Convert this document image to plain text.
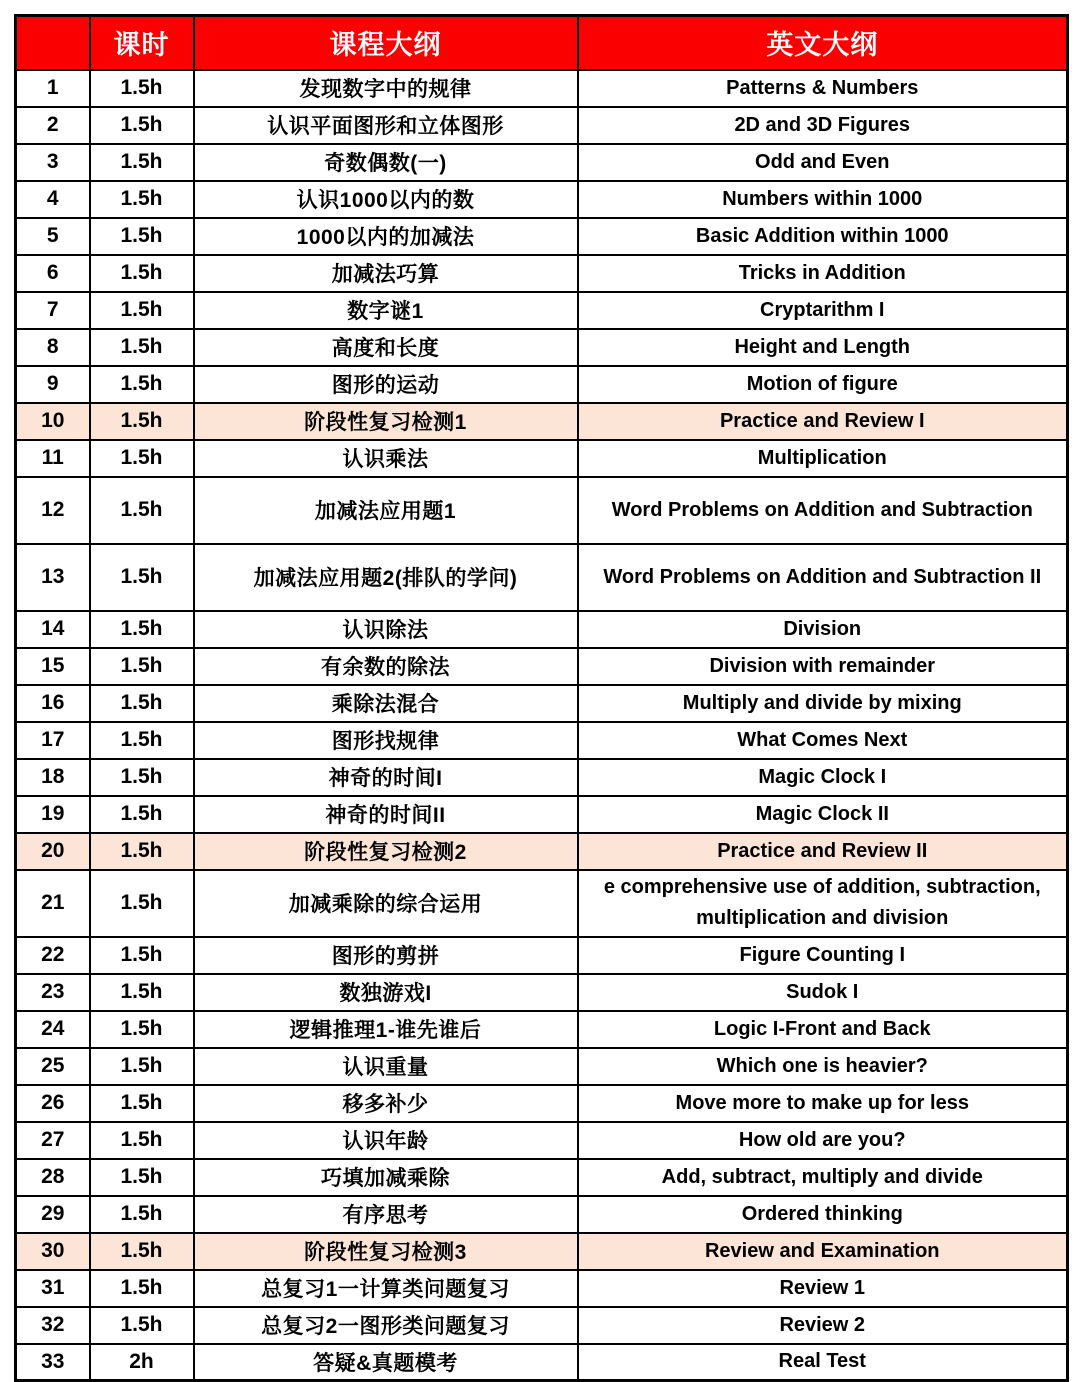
	课时	课程大纲	英文大纲
1	1.5h	发现数字中的规律	Patterns & Numbers
2	1.5h	认识平面图形和立体图形	2D and 3D Figures
3	1.5h	奇数偶数(一)	Odd and Even
4	1.5h	认识1000以内的数	Numbers within 1000
5	1.5h	1000以内的加减法	Basic Addition within 1000
6	1.5h	加减法巧算	Tricks in Addition
7	1.5h	数字谜1	Cryptarithm I
8	1.5h	高度和长度	Height and Length
9	1.5h	图形的运动	Motion of figure
10	1.5h	阶段性复习检测1	Practice and Review I
11	1.5h	认识乘法	Multiplication
12	1.5h	加减法应用题1	Word Problems on Addition and Subtraction
13	1.5h	加减法应用题2(排队的学问)	Word Problems on Addition and Subtraction II
14	1.5h	认识除法	Division
15	1.5h	有余数的除法	Division with remainder
16	1.5h	乘除法混合	Multiply and divide by mixing
17	1.5h	图形找规律	What Comes Next
18	1.5h	神奇的时间I	Magic Clock I
19	1.5h	神奇的时间II	Magic Clock II
20	1.5h	阶段性复习检测2	Practice and Review II
21	1.5h	加减乘除的综合运用	e comprehensive use of addition, subtraction, multiplication and division
22	1.5h	图形的剪拼	Figure Counting I
23	1.5h	数独游戏I	Sudok I
24	1.5h	逻辑推理1-谁先谁后	Logic I-Front and Back
25	1.5h	认识重量	Which one is heavier?
26	1.5h	移多补少	Move more to make up for less
27	1.5h	认识年龄	How old are you?
28	1.5h	巧填加减乘除	Add, subtract, multiply and divide
29	1.5h	有序思考	Ordered thinking
30	1.5h	阶段性复习检测3	Review and Examination
31	1.5h	总复习1一计算类问题复习	Review 1
32	1.5h	总复习2一图形类问题复习	Review 2
33	2h	答疑&真题模考	Real Test
